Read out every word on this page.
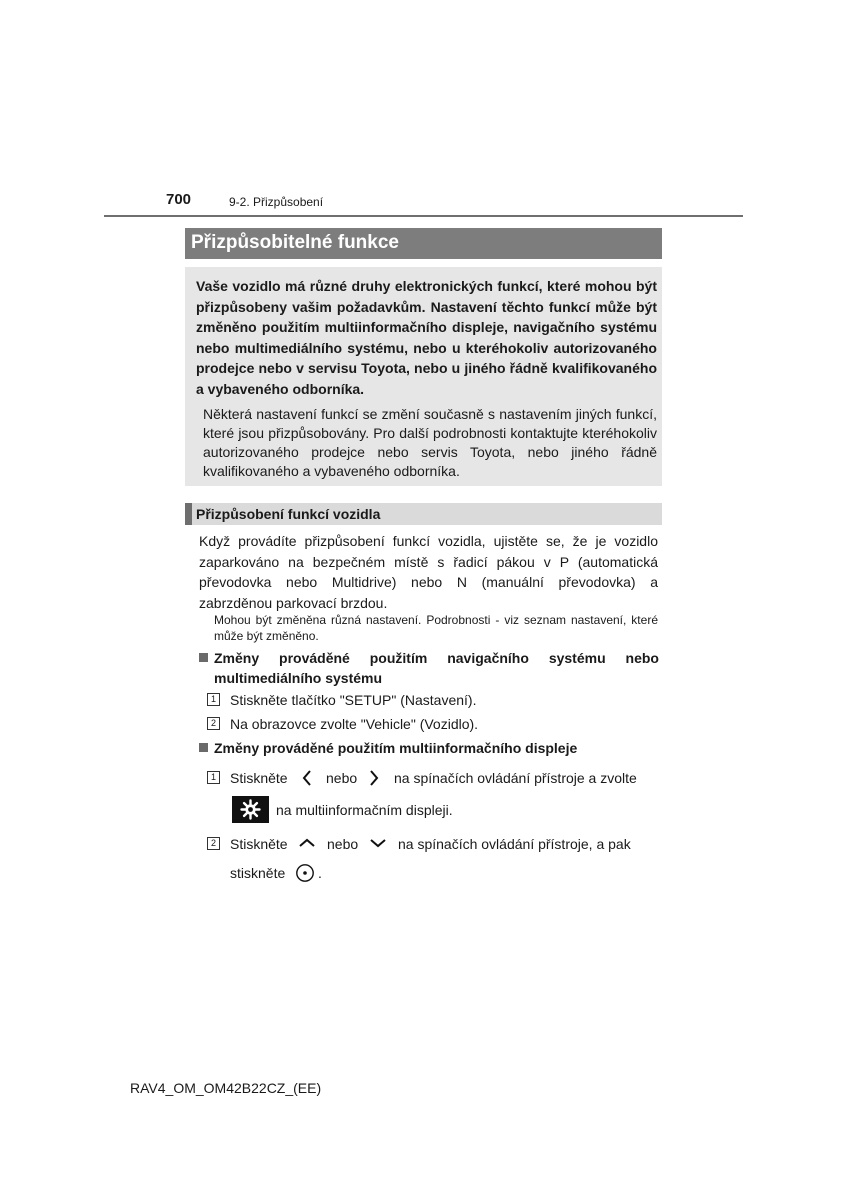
700	9-2. Přizpůsobení
Přizpůsobitelné funkce
Vaše vozidlo má různé druhy elektronických funkcí, které mohou být přizpůsobeny vašim požadavkům. Nastavení těchto funkcí může být změněno použitím multiinformačního displeje, navigačního systému nebo multimediálního systému, nebo u kteréhokoliv autorizovaného prodejce nebo v servisu Toyota, nebo u jiného řádně kvalifikovaného a vybaveného odborníka.
Některá nastavení funkcí se změní současně s nastavením jiných funkcí, které jsou přizpůsobovány. Pro další podrobnosti kontaktujte kteréhokoliv autorizovaného prodejce nebo servis Toyota, nebo jiného řádně kvalifikovaného a vybaveného odborníka.
Přizpůsobení funkcí vozidla
Když provádíte přizpůsobení funkcí vozidla, ujistěte se, že je vozidlo zaparkováno na bezpečném místě s řadicí pákou v P (automatická převodovka nebo Multidrive) nebo N (manuální převodovka) a zabrzděnou parkovací brzdou.
Mohou být změněna různá nastavení. Podrobnosti - viz seznam nastavení, které může být změněno.
Změny prováděné použitím navigačního systému nebo multimediálního systému
1 Stiskněte tlačítko "SETUP" (Nastavení).
2 Na obrazovce zvolte "Vehicle" (Vozidlo).
Změny prováděné použitím multiinformačního displeje
1 Stiskněte	nebo	na spínačích ovládání přístroje a zvolte
na multiinformačním displeji.
2 Stiskněte	nebo	na spínačích ovládání přístroje, a pak
stiskněte .
RAV4_OM_OM42B22CZ_(EE)
